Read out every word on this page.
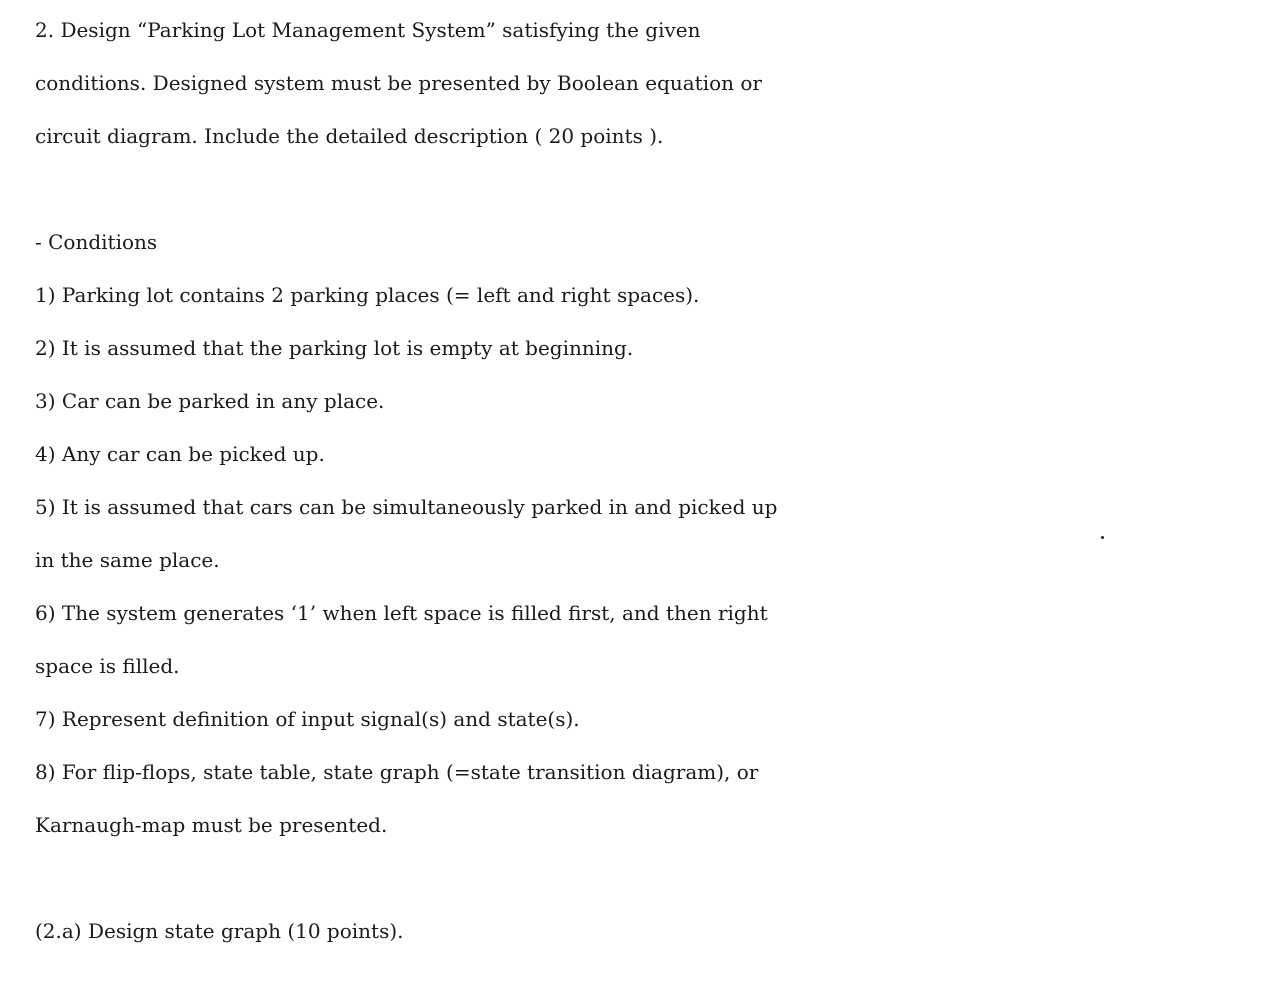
2. Design “Parking Lot Management System” satisfying the given
conditions. Designed system must be presented by Boolean equation or
circuit diagram. Include the detailed description ( 20 points ).
- Conditions
1) Parking lot contains 2 parking places (= left and right spaces).
2) It is assumed that the parking lot is empty at beginning.
3) Car can be parked in any place.
4) Any car can be picked up.
5) It is assumed that cars can be simultaneously parked in and picked up
in the same place.
6) The system generates ‘1’ when left space is filled first, and then right
space is filled.
7) Represent definition of input signal(s) and state(s).
8) For flip-flops, state table, state graph (=state transition diagram), or
Karnaugh-map must be presented.
(2.a) Design state graph (10 points).
